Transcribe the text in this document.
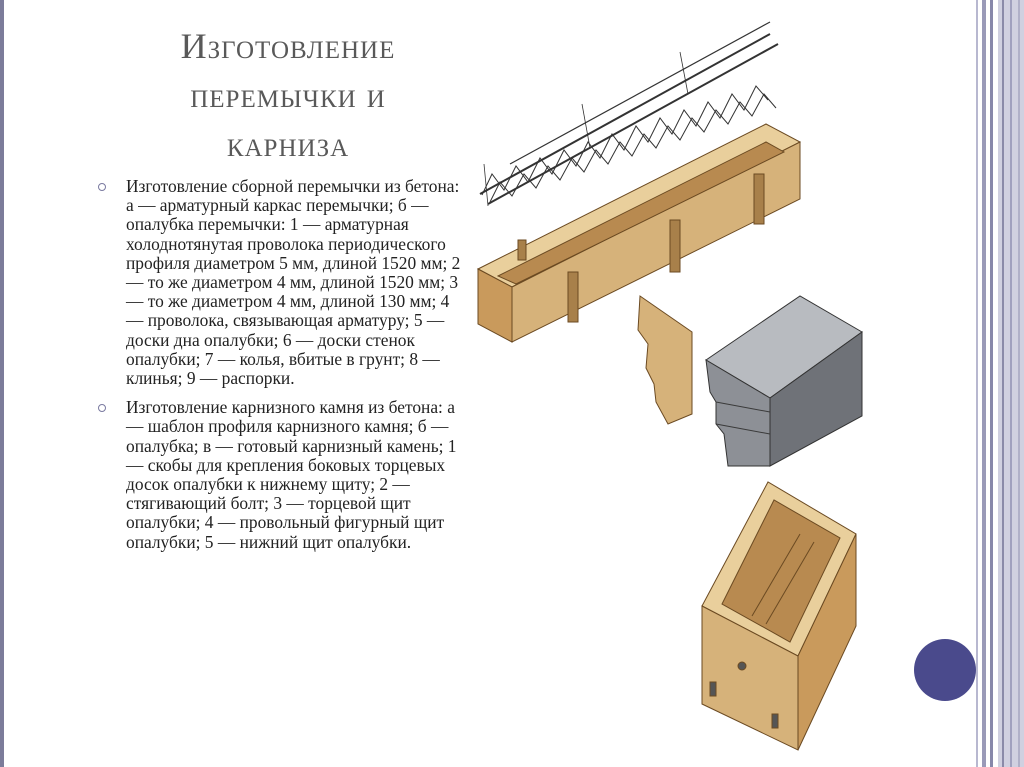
Изготовление
перемычки и
карниза
Изготовление сборной перемычки из бетона: а — арматурный каркас перемычки; б — опалубка перемычки: 1 — арматурная холоднотянутая проволока периодического профиля диаметром 5 мм, длиной 1520 мм; 2 — то же диаметром 4 мм, длиной 1520 мм; 3 — то же диаметром 4 мм, длиной 130 мм; 4 — проволока, связывающая арматуру; 5 — доски дна опалубки; 6 — доски стенок опалубки; 7 — колья, вбитые в грунт; 8 — клинья; 9 — распорки.
Изготовление карнизного камня из бетона: а — шаблон профиля карнизного камня; б — опалубка; в — готовый карнизный камень; 1 — скобы для крепления боковых торцевых досок опалубки к нижнему щиту; 2 — стягивающий болт; 3 — торцевой щит опалубки; 4 — провольный фигурный щит опалубки; 5 — нижний щит опалубки.
